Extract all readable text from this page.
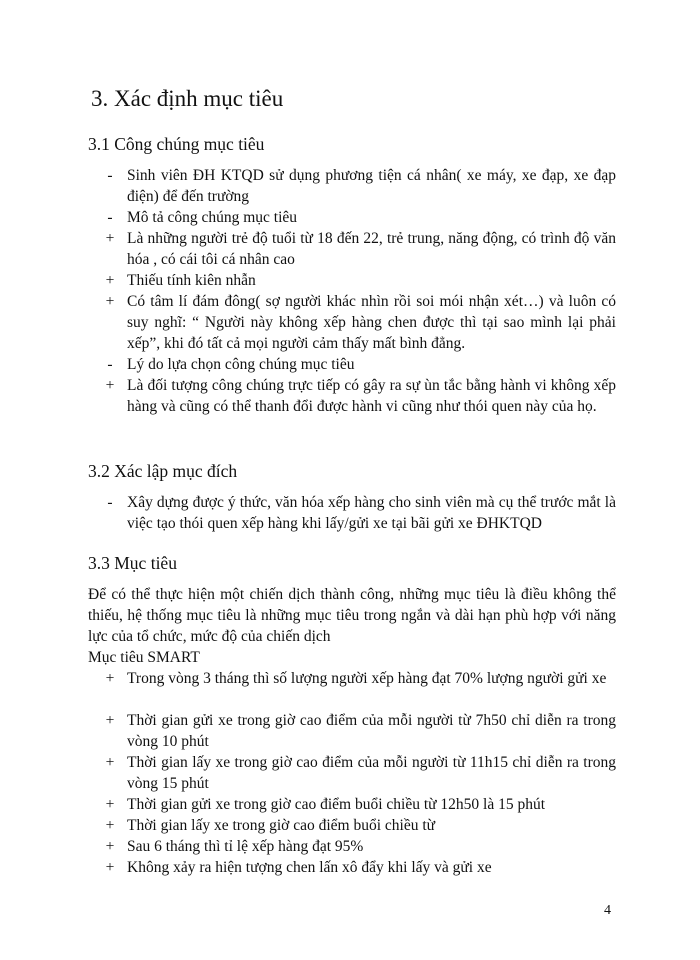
3. Xác định mục tiêu
3.1 Công chúng mục tiêu
- Sinh viên ĐH KTQD sử dụng phương tiện cá nhân( xe máy, xe đạp, xe đạp điện) để đến trường
- Mô tả công chúng mục tiêu
+ Là những người trẻ độ tuổi từ 18 đến 22, trẻ trung, năng động, có trình độ văn hóa , có cái tôi cá nhân cao
+ Thiếu tính kiên nhẫn
+ Có tâm lí đám đông( sợ người khác nhìn rồi soi mói nhận xét…) và luôn có suy nghĩ: “ Người này không xếp hàng chen được thì tại sao mình lại phải xếp”, khi đó tất cả mọi người cảm thấy mất bình đẳng.
- Lý do lựa chọn công chúng mục tiêu
+ Là đối tượng công chúng trực tiếp có gây ra sự ùn tắc bằng hành vi không xếp hàng và cũng có thể thanh đổi được hành vi cũng như thói quen này của họ.
3.2 Xác lập mục đích
- Xây dựng được ý thức, văn hóa xếp hàng cho sinh viên mà cụ thể trước mắt là việc tạo thói quen xếp hàng khi lấy/gửi xe tại bãi gửi xe ĐHKTQD
3.3 Mục tiêu
Để có thể thực hiện một chiến dịch thành công, những mục tiêu là điều không thể thiếu, hệ thống mục tiêu là những mục tiêu trong ngắn và dài hạn phù hợp với năng lực của tổ chức, mức độ của chiến dịch
Mục tiêu SMART
+ Trong vòng 3 tháng thì số lượng người xếp hàng đạt 70% lượng người gửi xe
+ Thời gian gửi xe trong giờ cao điểm của mỗi người từ 7h50 chỉ diễn ra trong vòng 10 phút
+ Thời gian lấy xe trong giờ cao điểm của mỗi người từ 11h15 chỉ diễn ra trong vòng 15 phút
+ Thời gian gửi xe trong giờ cao điểm buổi chiều từ 12h50 là 15 phút
+ Thời gian lấy xe trong giờ cao điểm buổi chiều từ
+ Sau 6 tháng thì tỉ lệ xếp hàng đạt 95%
+ Không xảy ra hiện tượng chen lấn xô đẩy khi lấy và gửi xe
4
